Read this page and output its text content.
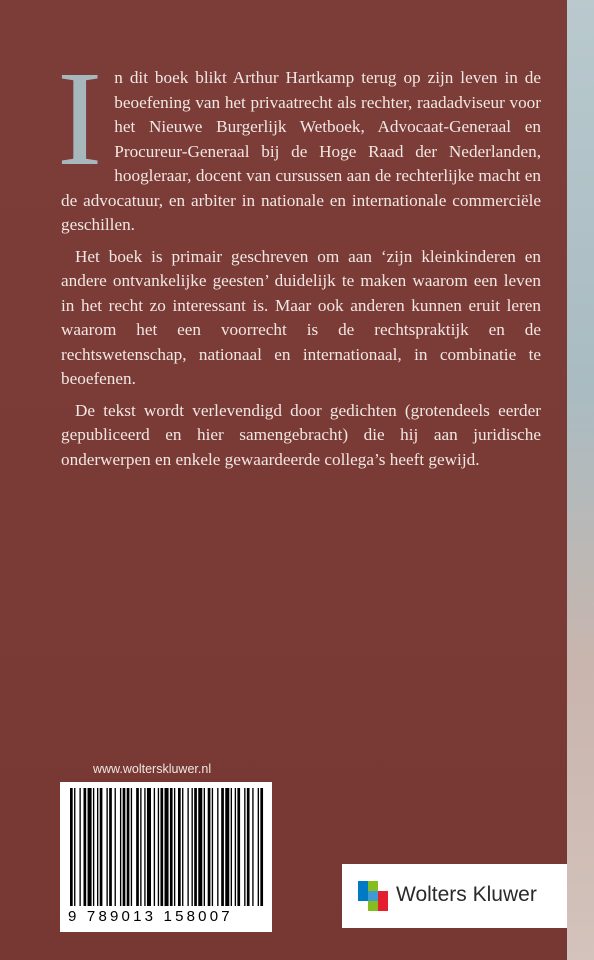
In dit boek blikt Arthur Hartkamp terug op zijn leven in de beoefening van het privaatrecht als rechter, raadadviseur voor het Nieuwe Burgerlijk Wetboek, Advocaat-Generaal en Procureur-Generaal bij de Hoge Raad der Nederlanden, hoogleraar, docent van cursussen aan de rechterlijke macht en de advocatuur, en arbiter in nationale en internationale commerciële geschillen.

Het boek is primair geschreven om aan ‘zijn kleinkinderen en andere ontvankelijke geesten’ duidelijk te maken waarom een leven in het recht zo interessant is. Maar ook anderen kunnen eruit leren waarom het een voorrecht is de rechtspraktijk en de rechtswetenschap, nationaal en internationaal, in combinatie te beoefenen.

De tekst wordt verlevendigd door gedichten (grotendeels eerder gepubliceerd en hier samengebracht) die hij aan juridische onderwerpen en enkele gewaardeerde collega’s heeft gewijd.

www.wolterskluwer.nl
9 789013 158007
Wolters Kluwer
